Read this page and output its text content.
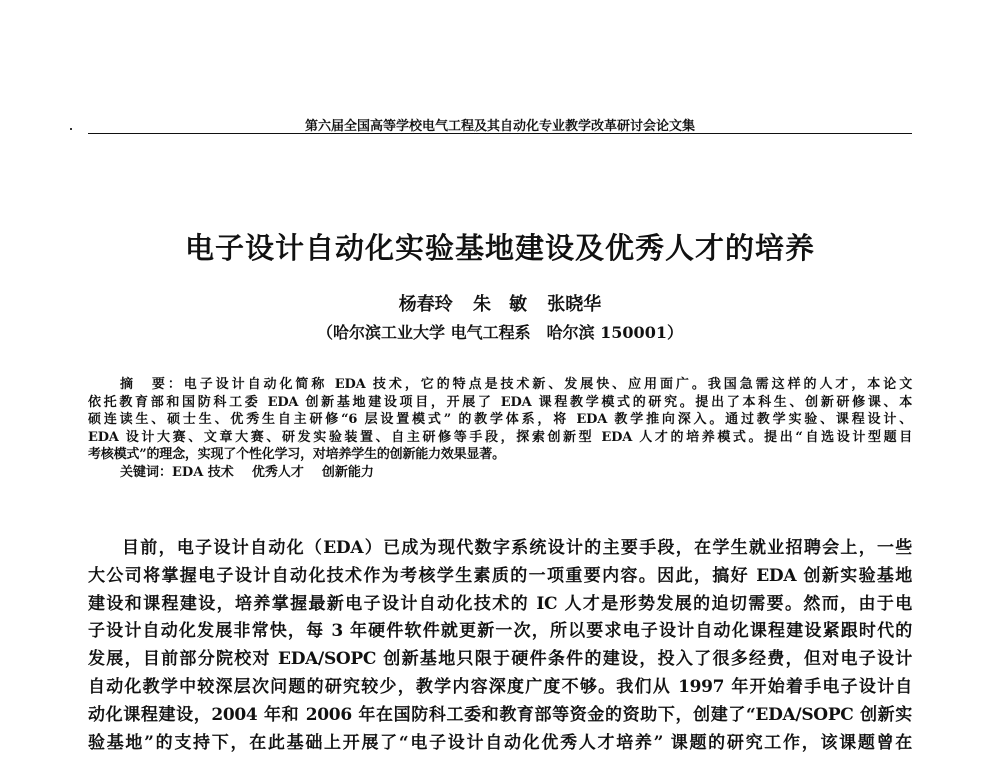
第六届全国高等学校电气工程及其自动化专业教学改革研讨会论文集
电子设计自动化实验基地建设及优秀人才的培养
杨春玲 朱　敏 张晓华
（哈尔滨工业大学 电气工程系　哈尔滨 150001）
摘　要：电子设计自动化简称 EDA 技术，它的特点是技术新、发展快、应用面广。我国急需这样的人才，本论文
依托教育部和国防科工委 EDA 创新基地建设项目，开展了 EDA 课程教学模式的研究。提出了本科生、创新研修课、本
硕连读生、硕士生、优秀生自主研修“6 层设置模式” 的教学体系，将 EDA 教学推向深入。通过教学实验、课程设计、
EDA 设计大赛、文章大赛、研发实验装置、自主研修等手段，探索创新型 EDA 人才的培养模式。提出“自选设计型题目
考核模式”的理念，实现了个性化学习，对培养学生的创新能力效果显著。
关键词：EDA 技术 优秀人才 创新能力
目前，电子设计自动化（EDA）已成为现代数字系统设计的主要手段，在学生就业招聘会上，一些
大公司将掌握电子设计自动化技术作为考核学生素质的一项重要内容。因此，搞好 EDA 创新实验基地
建设和课程建设，培养掌握最新电子设计自动化技术的 IC 人才是形势发展的迫切需要。然而，由于电
子设计自动化发展非常快，每 3 年硬件软件就更新一次，所以要求电子设计自动化课程建设紧跟时代的
发展，目前部分院校对 EDA/SOPC 创新基地只限于硬件条件的建设，投入了很多经费，但对电子设计
自动化教学中较深层次问题的研究较少，教学内容深度广度不够。我们从 1997 年开始着手电子设计自
动化课程建设，2004 年和 2006 年在国防科工委和教育部等资金的资助下，创建了“EDA/SOPC 创新实
验基地”的支持下，在此基础上开展了“电子设计自动化优秀人才培养” 课题的研究工作，该课题曾在
